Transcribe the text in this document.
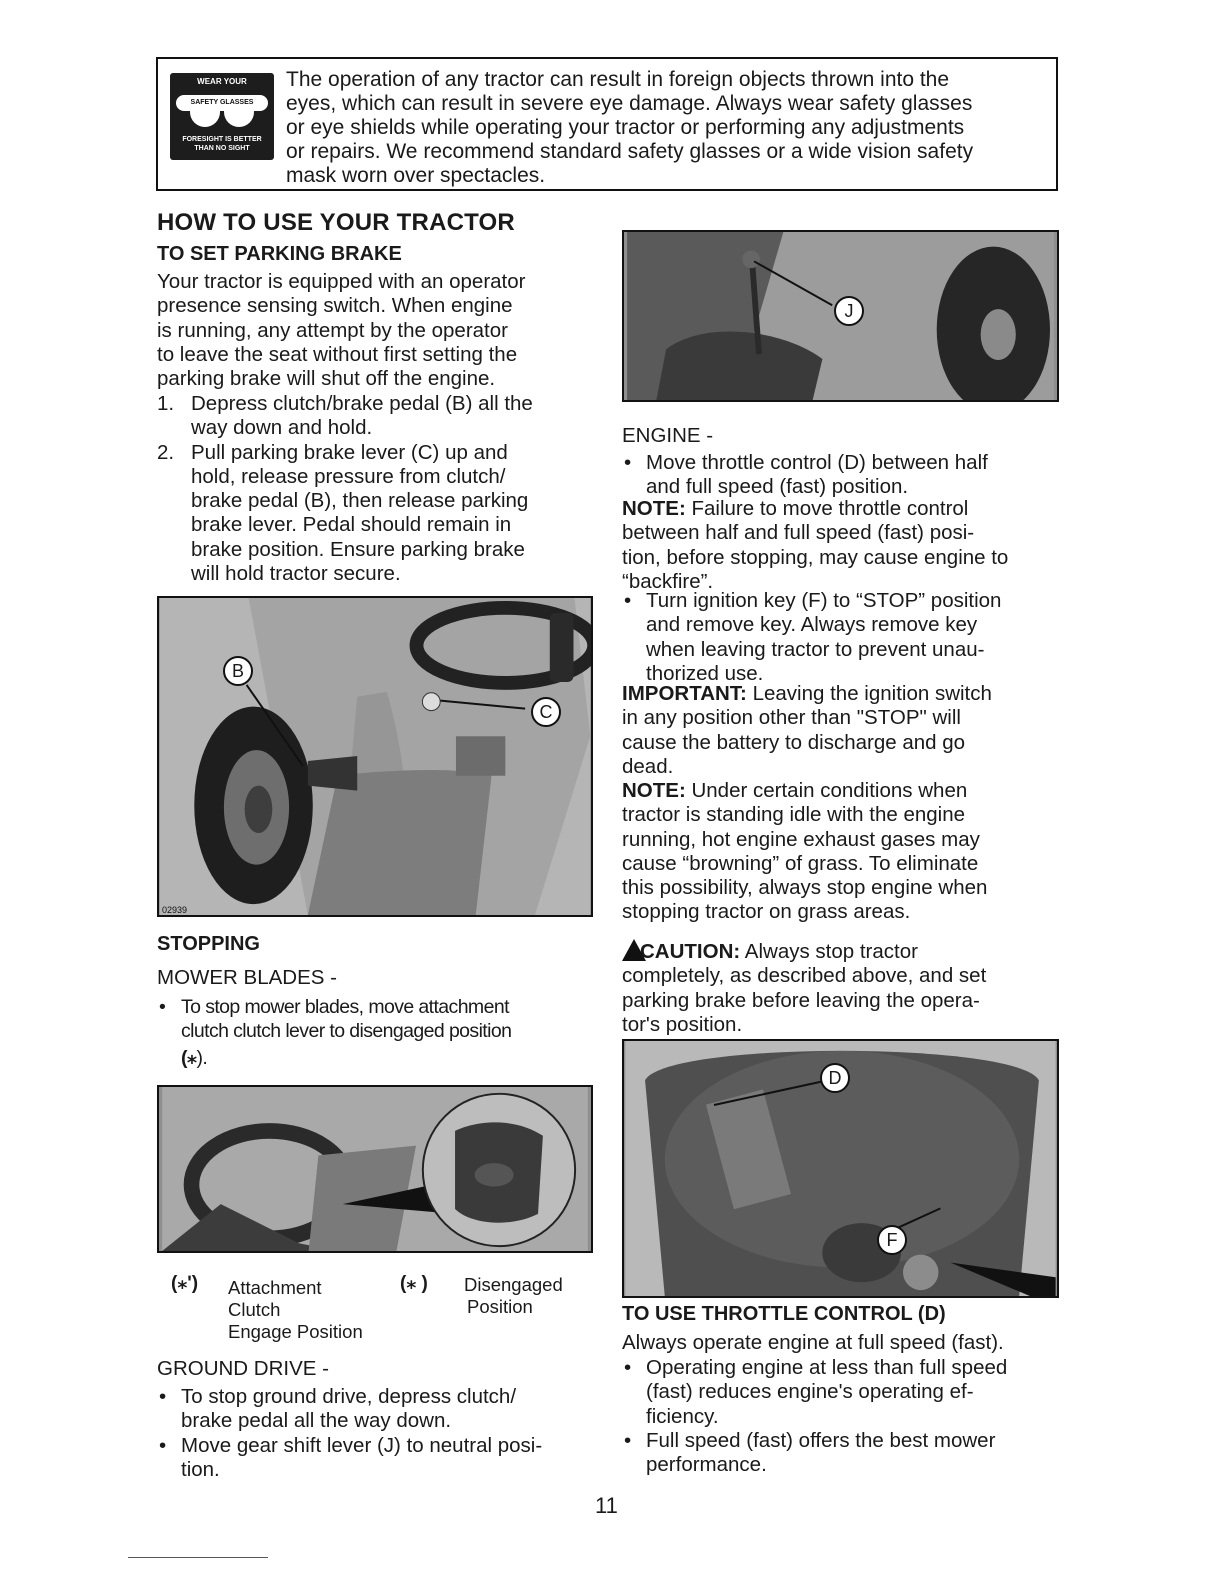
WEAR YOUR
SAFETY GLASSES
FORESIGHT IS BETTER
THAN NO SIGHT
The operation of any tractor can result in foreign objects thrown into the
eyes, which can result in severe eye damage. Always wear safety glasses
or eye shields while operating your tractor or performing any adjustments
or repairs. We recommend standard safety glasses or a wide vision safety
mask worn over spectacles.
HOW TO USE YOUR TRACTOR
TO SET PARKING BRAKE
Your tractor is equipped with an operator
presence sensing switch. When engine
is running, any attempt by the operator
to leave the seat without first setting the
parking brake will shut off the engine.
1. Depress clutch/brake pedal (B) all the
way down and hold.
2. Pull parking brake lever (C) up and
hold, release pressure from clutch/
brake pedal (B), then release parking
brake lever. Pedal should remain in
brake position. Ensure parking brake
will hold tractor secure.
B
C
02939
STOPPING
MOWER BLADES -
• To stop mower blades, move attachment
clutch clutch lever to disengaged position
(⁎).
(⁎ʹ) Attachment
Clutch
Engage Position
(⁎ ) Disengaged
Position
GROUND DRIVE -
• To stop ground drive, depress clutch/
brake pedal all the way down.
• Move gear shift lever (J) to neutral posi-
tion.
J
ENGINE -
• Move throttle control (D) between half
and full speed (fast) position.
NOTE: Failure to move throttle control
between half and full speed (fast) posi-
tion, before stopping, may cause engine to
“backfire”.
• Turn ignition key (F) to “STOP” position
and remove key. Always remove key
when leaving tractor to prevent unau-
thorized use.
IMPORTANT: Leaving the ignition switch
in any position other than "STOP" will
cause the battery to discharge and go
dead.
NOTE: Under certain conditions when
tractor is standing idle with the engine
running, hot engine exhaust gases may
cause “browning” of grass. To eliminate
this possibility, always stop engine when
stopping tractor on grass areas.
CAUTION: Always stop tractor
completely, as described above, and set
parking brake before leaving the opera-
tor's position.
D
F
TO USE THROTTLE CONTROL (D)
Always operate engine at full speed (fast).
• Operating engine at less than full speed
(fast) reduces engine's operating ef-
ficiency.
• Full speed (fast) offers the best mower
performance.
11
